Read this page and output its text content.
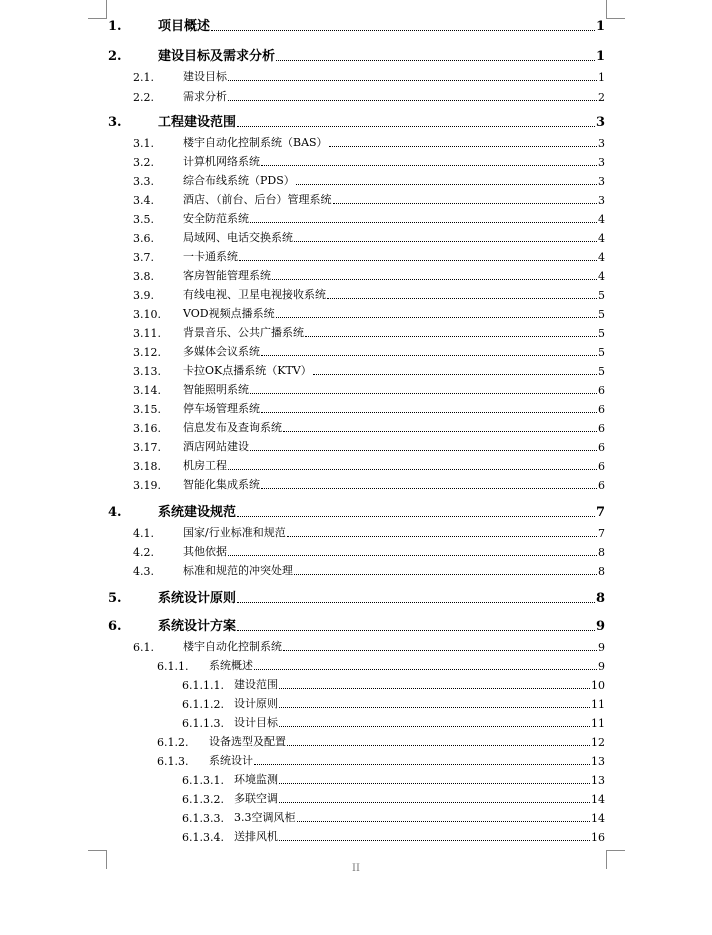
1.	项目概述	1
2.	建设目标及需求分析	1
2.1.	建设目标	1
2.2.	需求分析	2
3.	工程建设范围	3
3.1.	楼宇自动化控制系统（BAS）	3
3.2.	计算机网络系统	3
3.3.	综合布线系统（PDS）	3
3.4.	酒店、（前台、后台）管理系统	3
3.5.	安全防范系统	4
3.6.	局域网、电话交换系统	4
3.7.	一卡通系统	4
3.8.	客房智能管理系统	4
3.9.	有线电视、卫星电视接收系统	5
3.10.	VOD视频点播系统	5
3.11.	背景音乐、公共广播系统	5
3.12.	多媒体会议系统	5
3.13.	卡拉OK点播系统（KTV）	5
3.14.	智能照明系统	6
3.15.	停车场管理系统	6
3.16.	信息发布及查询系统	6
3.17.	酒店网站建设	6
3.18.	机房工程	6
3.19.	智能化集成系统	6
4.	系统建设规范	7
4.1.	国家/行业标准和规范	7
4.2.	其他依据	8
4.3.	标准和规范的冲突处理	8
5.	系统设计原则	8
6.	系统设计方案	9
6.1.	楼宇自动化控制系统	9
6.1.1.	系统概述	9
6.1.1.1. 建设范围	10
6.1.1.2. 设计原则	11
6.1.1.3. 设计目标	11
6.1.2.	设备选型及配置	12
6.1.3.	系统设计	13
6.1.3.1. 环境监测	13
6.1.3.2. 多联空调	14
6.1.3.3. 3.3空调风柜	14
6.1.3.4. 送排风机	16
II
